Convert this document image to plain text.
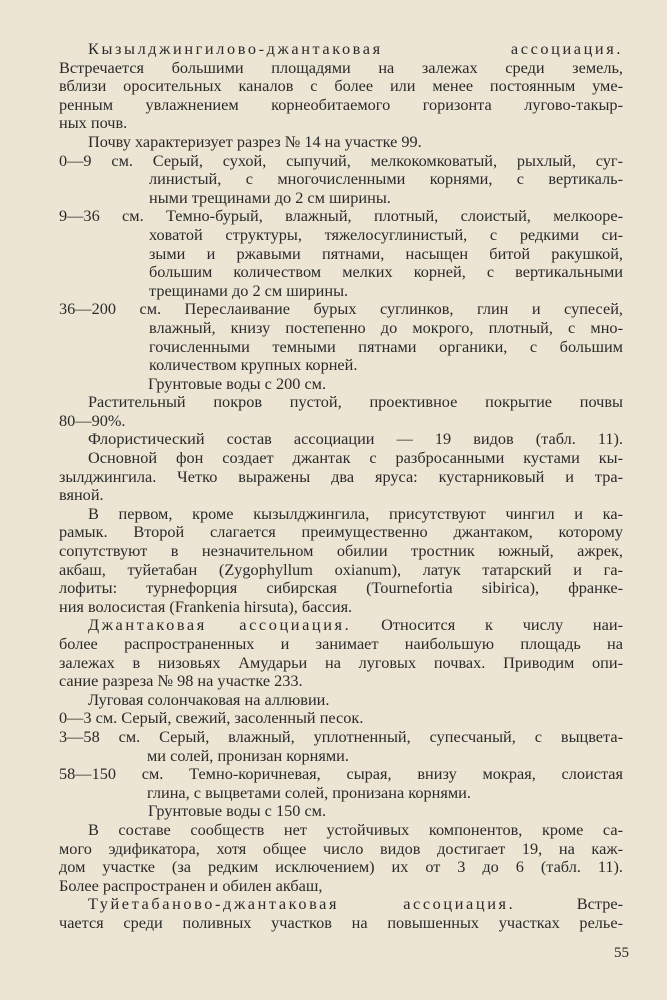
Кызылджингилово-джантаковая ассоциация.
Встречается большими площадями на залежах среди земель,
вблизи оросительных каналов с более или менее постоянным уме-
ренным увлажнением корнеобитаемого горизонта лугово-такыр-
ных почв.
Почву характеризует разрез № 14 на участке 99.
0—9 см. Серый, сухой, сыпучий, мелкокомковатый, рыхлый, суг-
линистый, с многочисленными корнями, с вертикаль-
ными трещинами до 2 см ширины.
9—36 см. Темно-бурый, влажный, плотный, слоистый, мелкооре-
ховатой структуры, тяжелосуглинистый, с редкими си-
зыми и ржавыми пятнами, насыщен битой ракушкой,
большим количеством мелких корней, с вертикальными
трещинами до 2 см ширины.
36—200 см. Переслаивание бурых суглинков, глин и супесей,
влажный, книзу постепенно до мокрого, плотный, с мно-
гочисленными темными пятнами органики, с большим
количеством крупных корней.
Грунтовые воды с 200 см.
Растительный покров пустой, проективное покрытие почвы
80—90%.
Флористический состав ассоциации — 19 видов (табл. 11).
Основной фон создает джантак с разбросанными кустами кы-
зылджингила. Четко выражены два яруса: кустарниковый и тра-
вяной.
В первом, кроме кызылджингила, присутствуют чингил и ка-
рамык. Второй слагается преимущественно джантаком, которому
сопутствуют в незначительном обилии тростник южный, ажрек,
акбаш, туйетабан (Zygophyllum oxianum), латук татарский и га-
лофиты: турнефорция сибирская (Tournefortia sibirica), франке-
ния волосистая (Frankenia hirsuta), бассия.
Джантаковая ассоциация. Относится к числу наи-
более распространенных и занимает наибольшую площадь на
залежах в низовьях Амударьи на луговых почвах. Приводим опи-
сание разреза № 98 на участке 233.
Луговая солончаковая на аллювии.
0—3 см. Серый, свежий, засоленный песок.
3—58 см. Серый, влажный, уплотненный, супесчаный, с выцвета-
ми солей, пронизан корнями.
58—150 см. Темно-коричневая, сырая, внизу мокрая, слоистая
глина, с выцветами солей, пронизана корнями.
Грунтовые воды с 150 см.
В составе сообществ нет устойчивых компонентов, кроме са-
мого эдификатора, хотя общее число видов достигает 19, на каж-
дом участке (за редким исключением) их от 3 до 6 (табл. 11).
Более распространен и обилен акбаш,
Туйетабаново-джантаковая ассоциация.	Встре-
чается среди поливных участков на повышенных участках релье-
55
